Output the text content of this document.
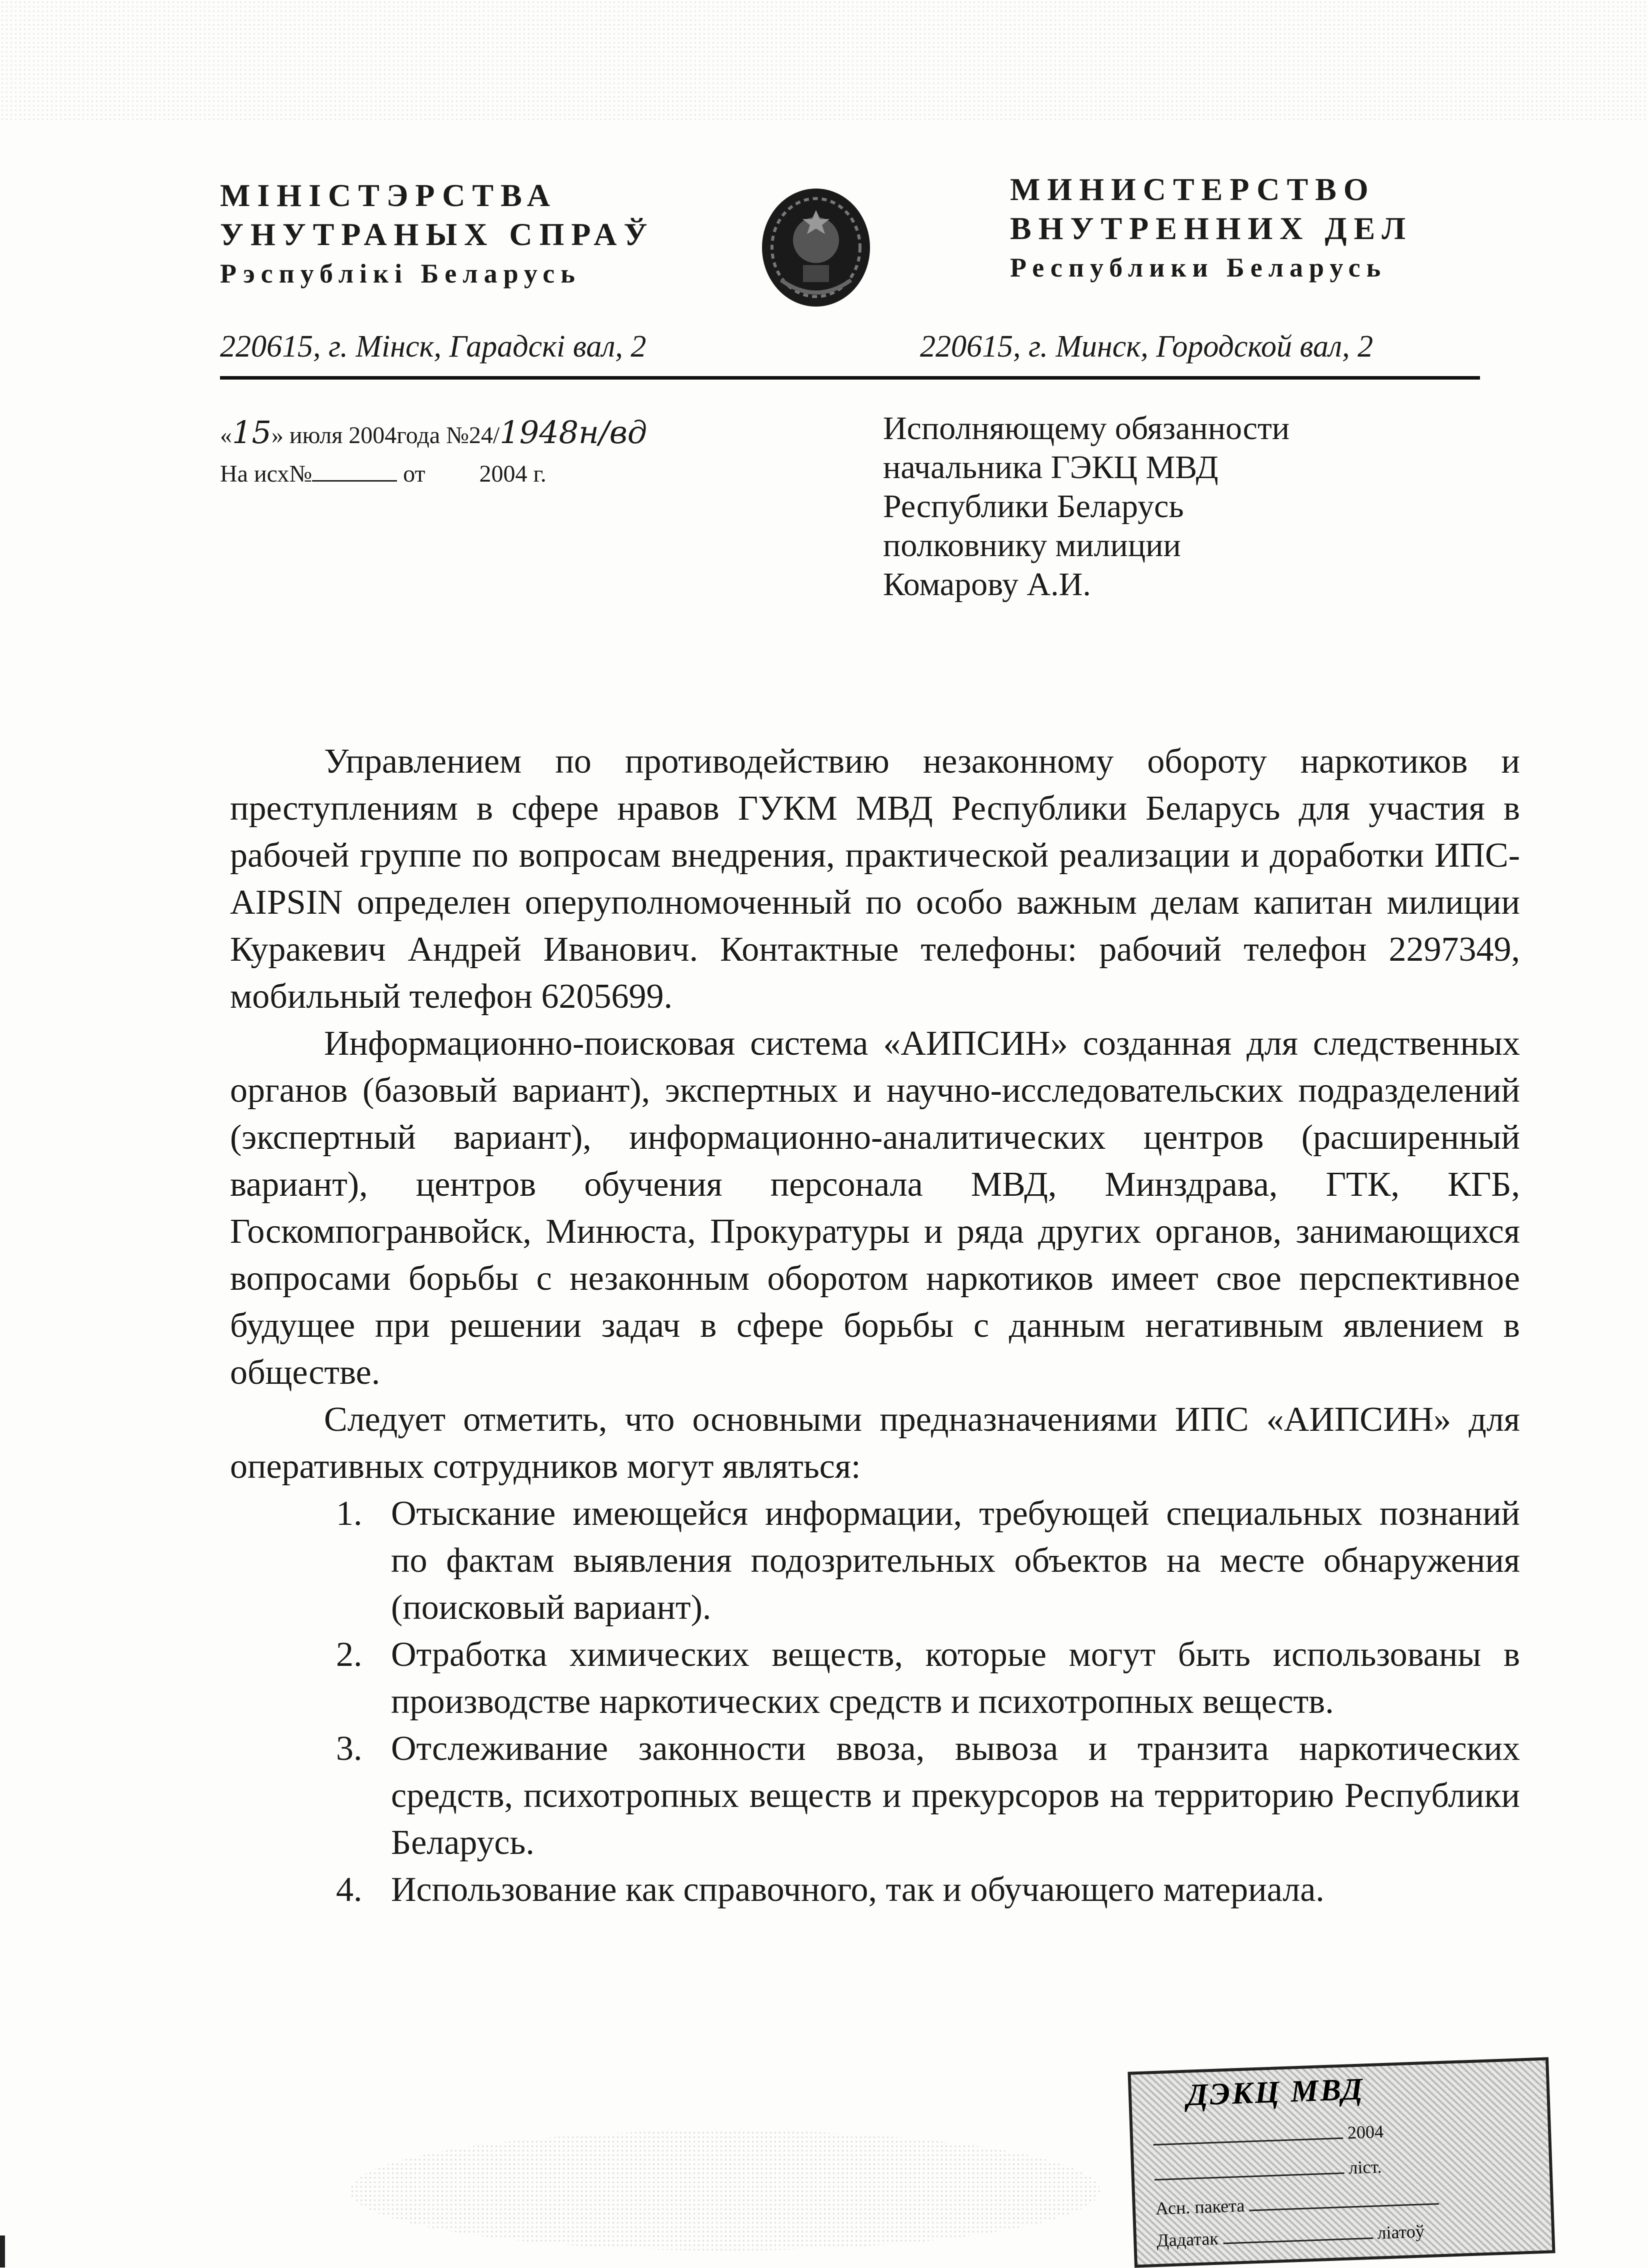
МІНІСТЭРСТВА
УНУТРАНЫХ СПРАЎ
Рэспублікі Беларусь
МИНИСТЕРСТВО
ВНУТРЕННИХ ДЕЛ
Республики Беларусь
220615, г. Мінск, Гарадскі вал, 2	220615, г. Минск, Городской вал, 2
«15» июля 2004года №24/1948н/вд
На исх№	от 2004 г.
Исполняющему обязанности
начальника ГЭКЦ МВД
Республики Беларусь
полковнику милиции
Комарову А.И.

Управлением по противодействию незаконному обороту наркотиков и преступлениям в сфере нравов ГУКМ МВД Республики Беларусь для участия в рабочей группе по вопросам внедрения, практической реализации и доработки ИПС-AIPSIN определен оперуполномоченный по особо важным делам капитан милиции Куракевич Андрей Иванович. Контактные телефоны: рабочий телефон 2297349, мобильный телефон 6205699.

Информационно-поисковая система «АИПСИН» созданная для следственных органов (базовый вариант), экспертных и научно-исследовательских подразделений (экспертный вариант), информационно-аналитических центров (расширенный вариант), центров обучения персонала МВД, Минздрава, ГТК, КГБ, Госкомпогранвойск, Минюста, Прокуратуры и ряда других органов, занимающихся вопросами борьбы с незаконным оборотом наркотиков имеет свое перспективное будущее при решении задач в сфере борьбы с данным негативным явлением в обществе.

Следует отметить, что основными предназначениями ИПС «АИПСИН» для оперативных сотрудников могут являться:

1. Отыскание имеющейся информации, требующей специальных познаний по фактам выявления подозрительных объектов на месте обнаружения (поисковый вариант).
2. Отработка химических веществ, которые могут быть использованы в производстве наркотических средств и психотропных веществ.
3. Отслеживание законности ввоза, вывоза и транзита наркотических средств, психотропных веществ и прекурсоров на территорию Республики Беларусь.
4. Использование как справочного, так и обучающего материала.
ДЭКЦ МВД
2004
ліст.
Асн. пакета
Дадатак	ліатоў
